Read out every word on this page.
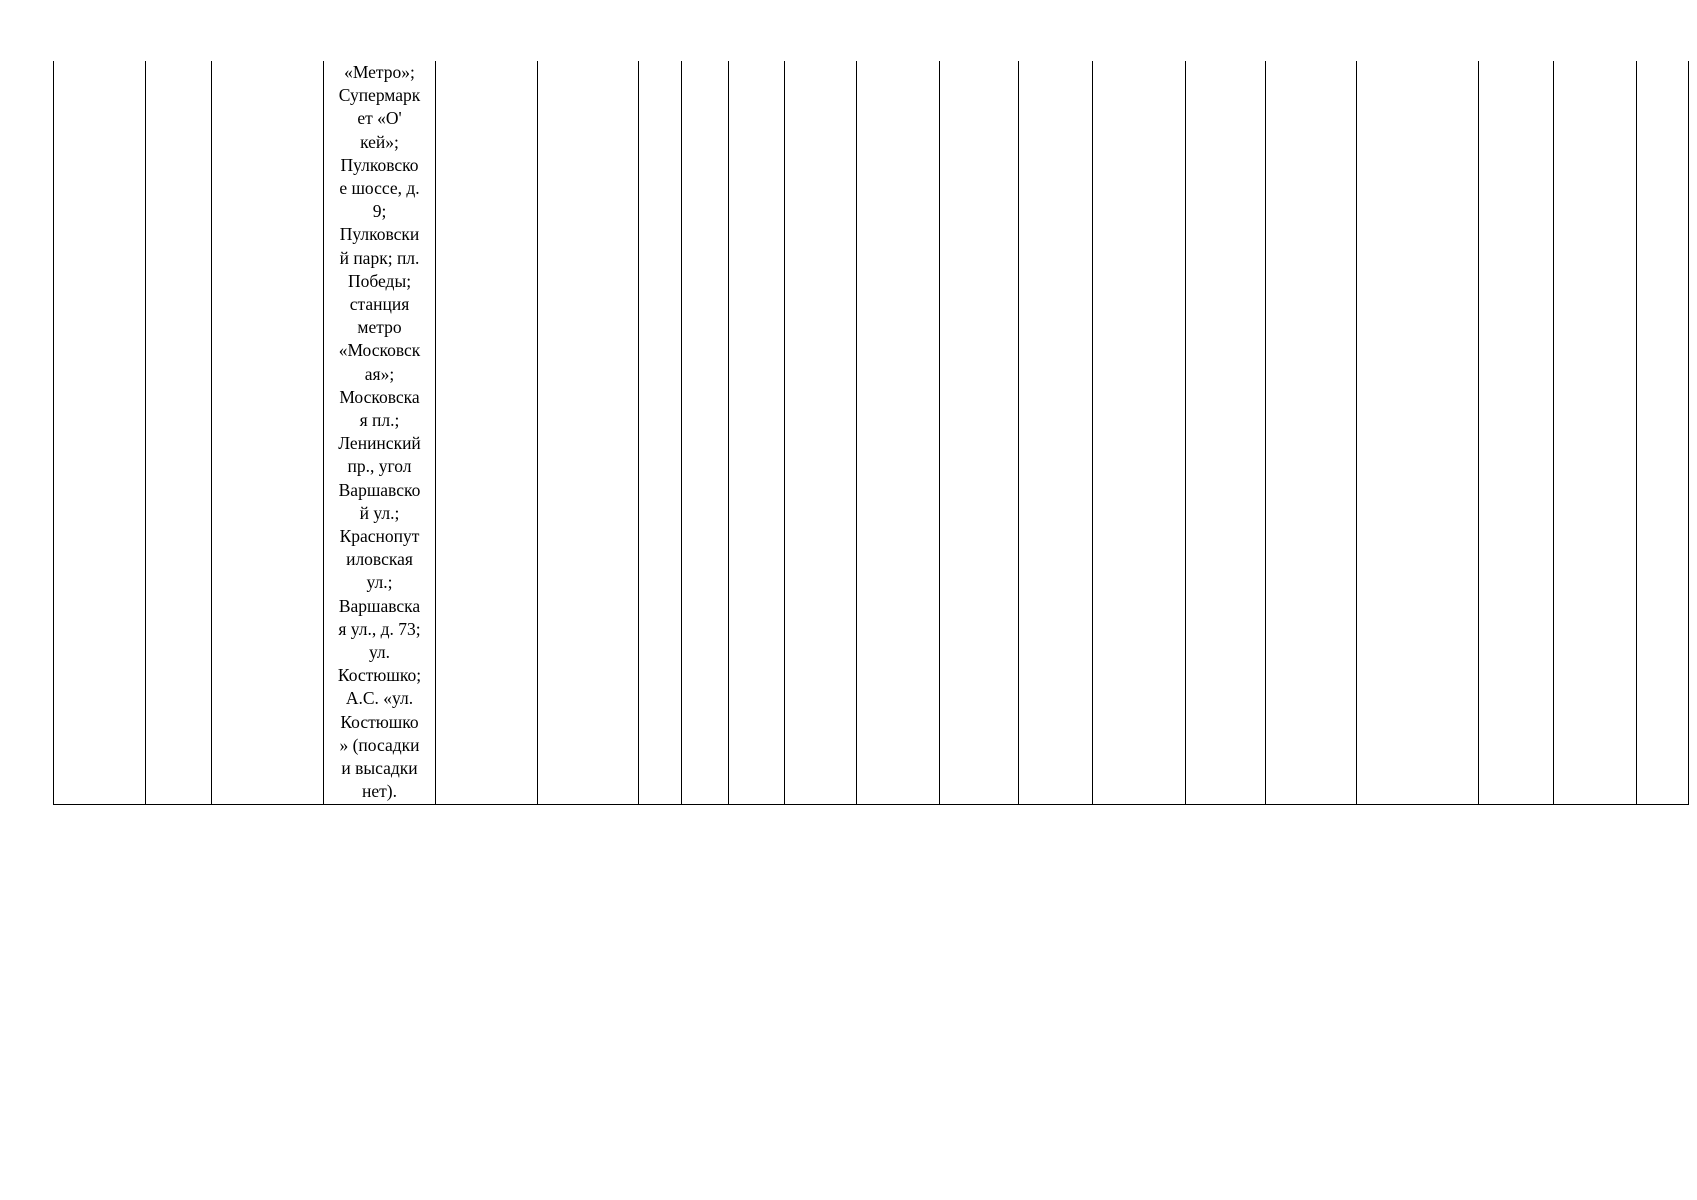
«Метро»;
Супермарк
ет «О'
кей»;
Пулковско
е шоссе, д.
9;
Пулковски
й парк; пл.
Победы;
станция
метро
«Московск
ая»;
Московска
я пл.;
Ленинский
пр., угол
Варшавско
й ул.;
Краснопут
иловская
ул.;
Варшавска
я ул., д. 73;
ул.
Костюшко;
А.С. «ул.
Костюшко
» (посадки
и высадки
нет).
